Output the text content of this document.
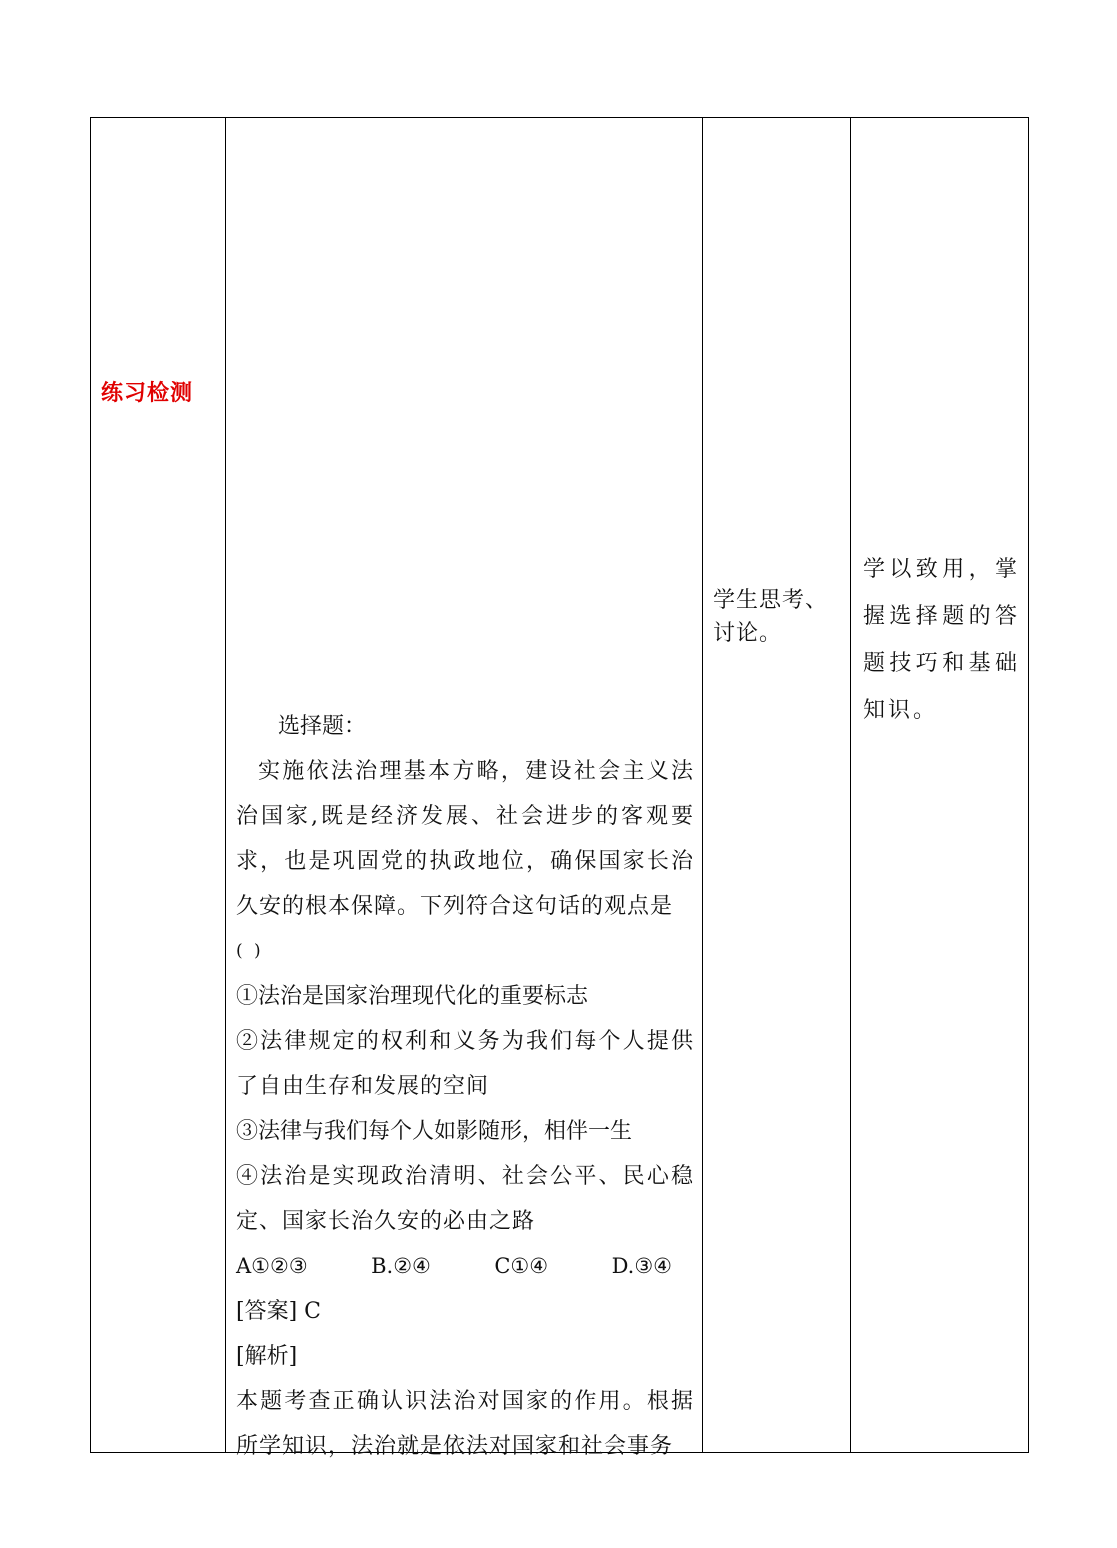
练习检测

选择题：
实施依法治理基本方略，建设社会主义法治国家,既是经济发展、社会进步的客观要求，也是巩固党的执政地位，确保国家长治久安的根本保障。下列符合这句话的观点是
( )
①法治是国家治理现代化的重要标志
②法律规定的权利和义务为我们每个人提供了自由生存和发展的空间
③法律与我们每个人如影随形，相伴一生
④法治是实现政治清明、社会公平、民心稳定、国家长治久安的必由之路
A①②③	B.②④	C①④	D.③④
[答案] C
[解析]
本题考查正确认识法治对国家的作用。根据所学知识，法治就是依法对国家和社会事务

学生思考、讨论。

学以致用，掌握选择题的答题技巧和基础知识。
